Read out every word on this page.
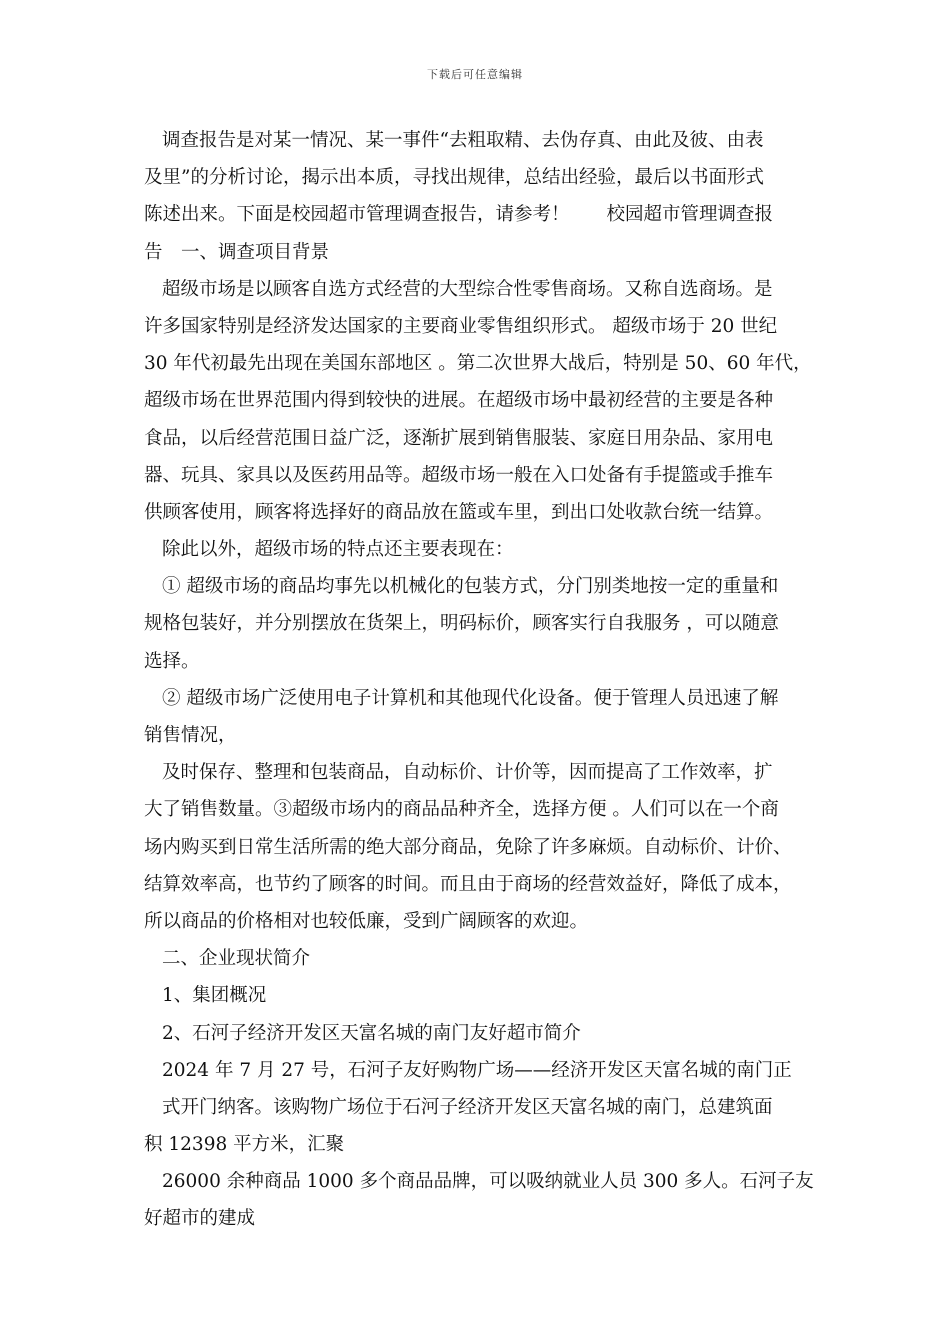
下载后可任意编辑
调查报告是对某一情况、某一事件“去粗取精、去伪存真、由此及彼、由表
及里”的分析讨论，揭示出本质，寻找出规律，总结出经验，最后以书面形式
陈述出来。下面是校园超市管理调查报告，请参考！　　校园超市管理调查报
告　一、调查项目背景
超级市场是以顾客自选方式经营的大型综合性零售商场。又称自选商场。是
许多国家特别是经济发达国家的主要商业零售组织形式。 超级市场于 20 世纪
30 年代初最先出现在美国东部地区 。第二次世界大战后，特别是 50、60 年代，
超级市场在世界范围内得到较快的进展。在超级市场中最初经营的主要是各种
食品，以后经营范围日益广泛，逐渐扩展到销售服装、家庭日用杂品、家用电
器、玩具、家具以及医药用品等。超级市场一般在入口处备有手提篮或手推车
供顾客使用，顾客将选择好的商品放在篮或车里，到出口处收款台统一结算。
除此以外，超级市场的特点还主要表现在：
① 超级市场的商品均事先以机械化的包装方式，分门别类地按一定的重量和
规格包装好，并分别摆放在货架上，明码标价，顾客实行自我服务 ，可以随意
选择。
② 超级市场广泛使用电子计算机和其他现代化设备。便于管理人员迅速了解
销售情况，
及时保存、整理和包装商品，自动标价、计价等，因而提高了工作效率，扩
大了销售数量。③超级市场内的商品品种齐全，选择方便 。人们可以在一个商
场内购买到日常生活所需的绝大部分商品，免除了许多麻烦。自动标价、计价、
结算效率高，也节约了顾客的时间。而且由于商场的经营效益好，降低了成本，
所以商品的价格相对也较低廉，受到广阔顾客的欢迎。
二、企业现状简介
1、集团概况
2、石河子经济开发区天富名城的南门友好超市简介
2024 年 7 月 27 号，石河子友好购物广场——经济开发区天富名城的南门正
式开门纳客。该购物广场位于石河子经济开发区天富名城的南门，总建筑面
积 12398 平方米，汇聚
26000 余种商品 1000 多个商品品牌，可以吸纳就业人员 300 多人。石河子友
好超市的建成
